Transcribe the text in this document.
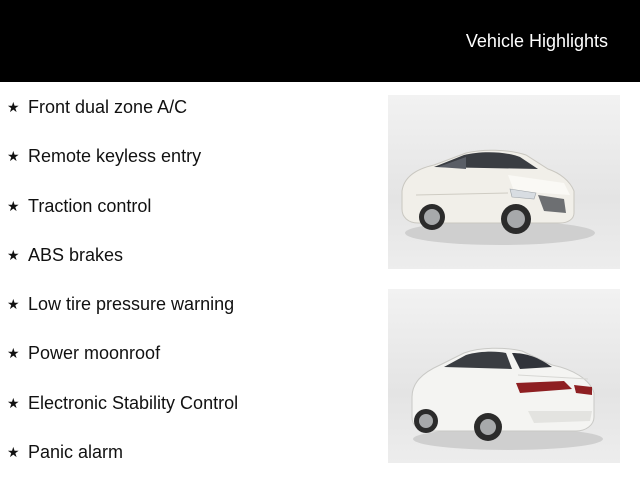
Vehicle Highlights
★ Front dual zone A/C
★ Remote keyless entry
★ Traction control
★ ABS brakes
★ Low tire pressure warning
★ Power moonroof
★ Electronic Stability Control
★ Panic alarm
